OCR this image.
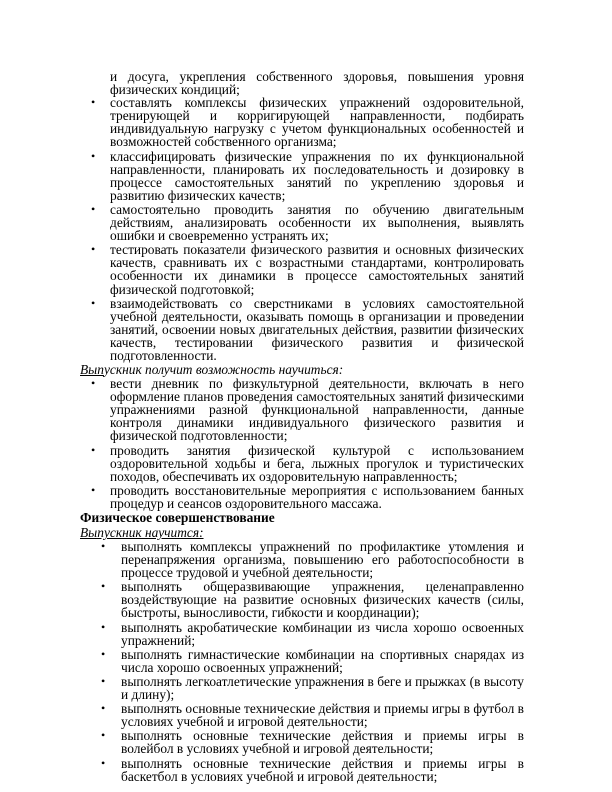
и досуга, укрепления собственного здоровья, повышения уровня физических кондиций;

• составлять комплексы физических упражнений оздоровительной, тренирующей и корригирующей направленности, подбирать индивидуальную нагрузку с учетом функциональных особенностей и возможностей собственного организма;
• классифицировать физические упражнения по их функциональной направленности, планировать их последовательность и дозировку в процессе самостоятельных занятий по укреплению здоровья и развитию физических качеств;
• самостоятельно проводить занятия по обучению двигательным действиям, анализировать особенности их выполнения, выявлять ошибки и своевременно устранять их;
• тестировать показатели физического развития и основных физических качеств, сравнивать их с возрастными стандартами, контролировать особенности их динамики в процессе самостоятельных занятий физической подготовкой;
• взаимодействовать со сверстниками в условиях самостоятельной учебной деятельности, оказывать помощь в организации и проведении занятий, освоении новых двигательных действия, развитии физических качеств, тестировании физического развития и физической подготовленности.

Выпускник получит возможность научиться:

• вести дневник по физкультурной деятельности, включать в него оформление планов проведения самостоятельных занятий физическими упражнениями разной функциональной направленности, данные контроля динамики индивидуального физического развития и физической подготовленности;
• проводить занятия физической культурой с использованием оздоровительной ходьбы и бега, лыжных прогулок и туристических походов, обеспечивать их оздоровительную направленность;
• проводить восстановительные мероприятия с использованием банных процедур и сеансов оздоровительного массажа.

Физическое совершенствование

Выпускник научится:

• выполнять комплексы упражнений по профилактике утомления и перенапряжения организма, повышению его работоспособности в процессе трудовой и учебной деятельности;
• выполнять общеразвивающие упражнения, целенаправленно воздействующие на развитие основных физических качеств (силы, быстроты, выносливости, гибкости и координации);
• выполнять акробатические комбинации из числа хорошо освоенных упражнений;
• выполнять гимнастические комбинации на спортивных снарядах из числа хорошо освоенных упражнений;
• выполнять легкоатлетические упражнения в беге и прыжках (в высоту и длину);
• выполнять основные технические действия и приемы игры в футбол в условиях учебной и игровой деятельности;
• выполнять основные технические действия и приемы игры в волейбол в условиях учебной и игровой деятельности;
• выполнять основные технические действия и приемы игры в баскетбол в условиях учебной и игровой деятельности;
